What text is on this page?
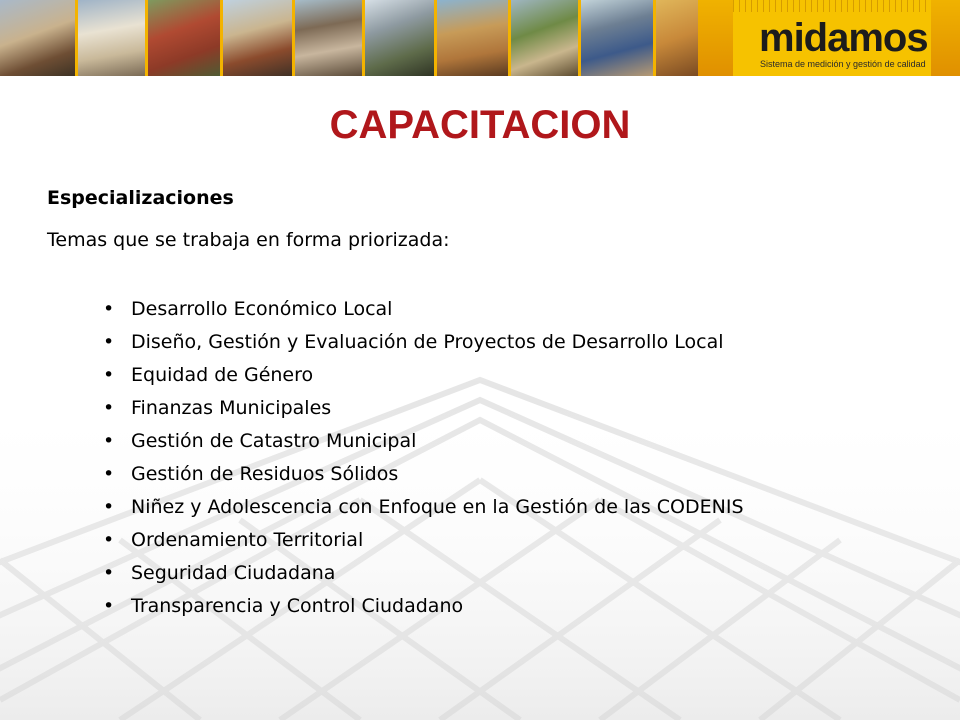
midamos
Sistema de medición y gestión de calidad
CAPACITACION
Especializaciones
Temas que se trabaja en forma priorizada:
• Desarrollo Económico Local
• Diseño, Gestión y Evaluación de Proyectos de Desarrollo Local
• Equidad de Género
• Finanzas Municipales
• Gestión de Catastro Municipal
• Gestión de Residuos Sólidos
• Niñez y Adolescencia con Enfoque en la Gestión de las CODENIS
• Ordenamiento Territorial
• Seguridad Ciudadana
• Transparencia y Control Ciudadano
